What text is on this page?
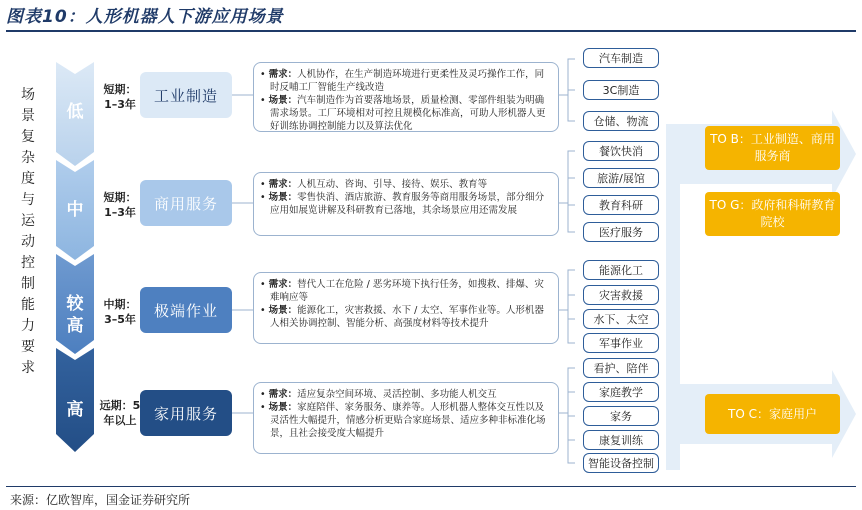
图表10：人形机器人下游应用场景
场景复杂度与运动控制能力要求
低
中
较高
高
短期：1–3年
短期：1–3年
中期：3–5年
远期：5年以上
工业制造
商用服务
极端作业
家用服务

• 需求：人机协作，在生产制造环境进行更柔性及灵巧操作工作，同时反哺工厂智能生产线改造

• 场景：汽车制造作为首要落地场景，质量检测、零部件组装为明确需求场景。工厂环境相对可控且规模化标准高，可助人形机器人更好训练协调控制能力以及算法优化

• 需求：人机互动、咨询、引导、接待、娱乐、教育等

• 场景：零售快消、酒店旅游、教育服务等商用服务场景，部分细分应用如展览讲解及科研教育已落地，其余场景应用还需发展

• 需求：替代人工在危险 / 恶劣环境下执行任务，如搜救、排爆、灾难响应等

• 场景：能源化工，灾害救援、水下 / 太空、军事作业等。人形机器人相关协调控制、智能分析、高强度材料等技术提升

• 需求：适应复杂空间环境、灵活控制、多功能人机交互

• 场景：家庭陪伴、家务服务、康养等。人形机器人整体交互性以及灵活性大幅提升，情感分析更贴合家庭场景、适应多种非标准化场景，且社会接受度大幅提升

汽车制造
3C制造
仓储、物流
餐饮快消
旅游/展馆
教育科研
医疗服务
能源化工
灾害救援
水下、太空
军事作业
看护、陪伴
家庭教学
家务
康复训练
智能设备控制
TO B：工业制造、商用服务商
TO G：政府和科研教育院校
TO C：家庭用户
来源：亿欧智库，国金证券研究所
